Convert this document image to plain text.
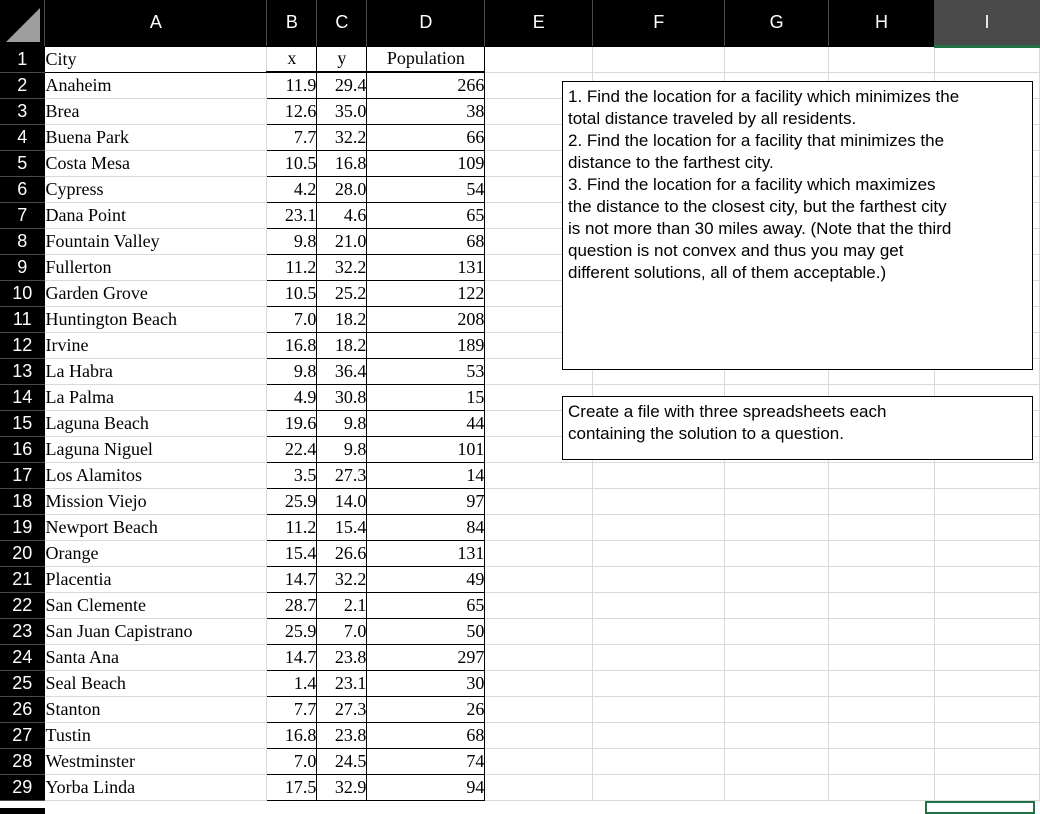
	A	B	C	D	E	F	G	H	I
1	City	x	y	Population					
2	Anaheim	11.9	29.4	266					
3	Brea	12.6	35.0	38					
4	Buena Park	7.7	32.2	66					
5	Costa Mesa	10.5	16.8	109					
6	Cypress	4.2	28.0	54					
7	Dana Point	23.1	4.6	65					
8	Fountain Valley	9.8	21.0	68					
9	Fullerton	11.2	32.2	131					
10	Garden Grove	10.5	25.2	122					
11	Huntington Beach	7.0	18.2	208					
12	Irvine	16.8	18.2	189					
13	La Habra	9.8	36.4	53					
14	La Palma	4.9	30.8	15					
15	Laguna Beach	19.6	9.8	44					
16	Laguna Niguel	22.4	9.8	101					
17	Los Alamitos	3.5	27.3	14					
18	Mission Viejo	25.9	14.0	97					
19	Newport Beach	11.2	15.4	84					
20	Orange	15.4	26.6	131					
21	Placentia	14.7	32.2	49					
22	San Clemente	28.7	2.1	65					
23	San Juan Capistrano	25.9	7.0	50					
24	Santa Ana	14.7	23.8	297					
25	Seal Beach	1.4	23.1	30					
26	Stanton	7.7	27.3	26					
27	Tustin	16.8	23.8	68					
28	Westminster	7.0	24.5	74					
29	Yorba Linda	17.5	32.9	94					
1. Find the location for a facility which minimizes the
total distance traveled by all residents.
2. Find the location for a facility that minimizes the
distance to the farthest city.
3. Find the location for a facility which maximizes
the distance to the closest city, but the farthest city
is not more than 30 miles away. (Note that the third
question is not convex and thus you may get
different solutions, all of them acceptable.)
Create a file with three spreadsheets each
containing the solution to a question.
